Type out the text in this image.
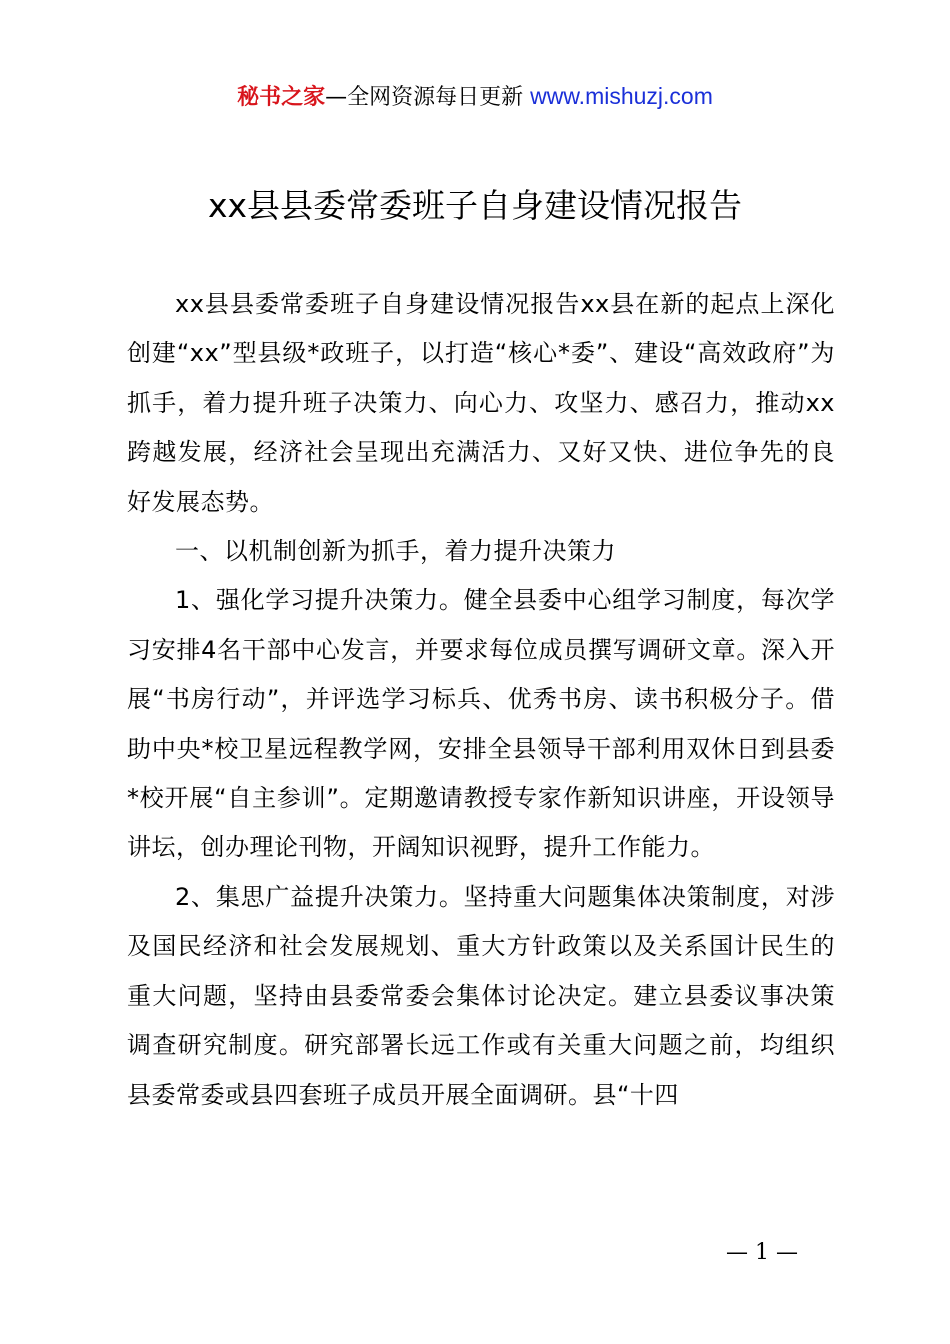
秘书之家—全网资源每日更新 www.mishuzj.com
xx县县委常委班子自身建设情况报告

xx县县委常委班子自身建设情况报告xx县在新的起点上深化创建“xx”型县级*政班子，以打造“核心*委”、建设“高效政府”为抓手，着力提升班子决策力、向心力、攻坚力、感召力，推动xx跨越发展，经济社会呈现出充满活力、又好又快、进位争先的良好发展态势。

一、以机制创新为抓手，着力提升决策力

1、强化学习提升决策力。健全县委中心组学习制度，每次学习安排4名干部中心发言，并要求每位成员撰写调研文章。深入开展“书房行动”，并评选学习标兵、优秀书房、读书积极分子。借助中央*校卫星远程教学网，安排全县领导干部利用双休日到县委*校开展“自主参训”。定期邀请教授专家作新知识讲座，开设领导讲坛，创办理论刊物，开阔知识视野，提升工作能力。

2、集思广益提升决策力。坚持重大问题集体决策制度，对涉及国民经济和社会发展规划、重大方针政策以及关系国计民生的重大问题，坚持由县委常委会集体讨论决定。建立县委议事决策调查研究制度。研究部署长远工作或有关重大问题之前，均组织县委常委或县四套班子成员开展全面调研。县“十四

— 1 —
